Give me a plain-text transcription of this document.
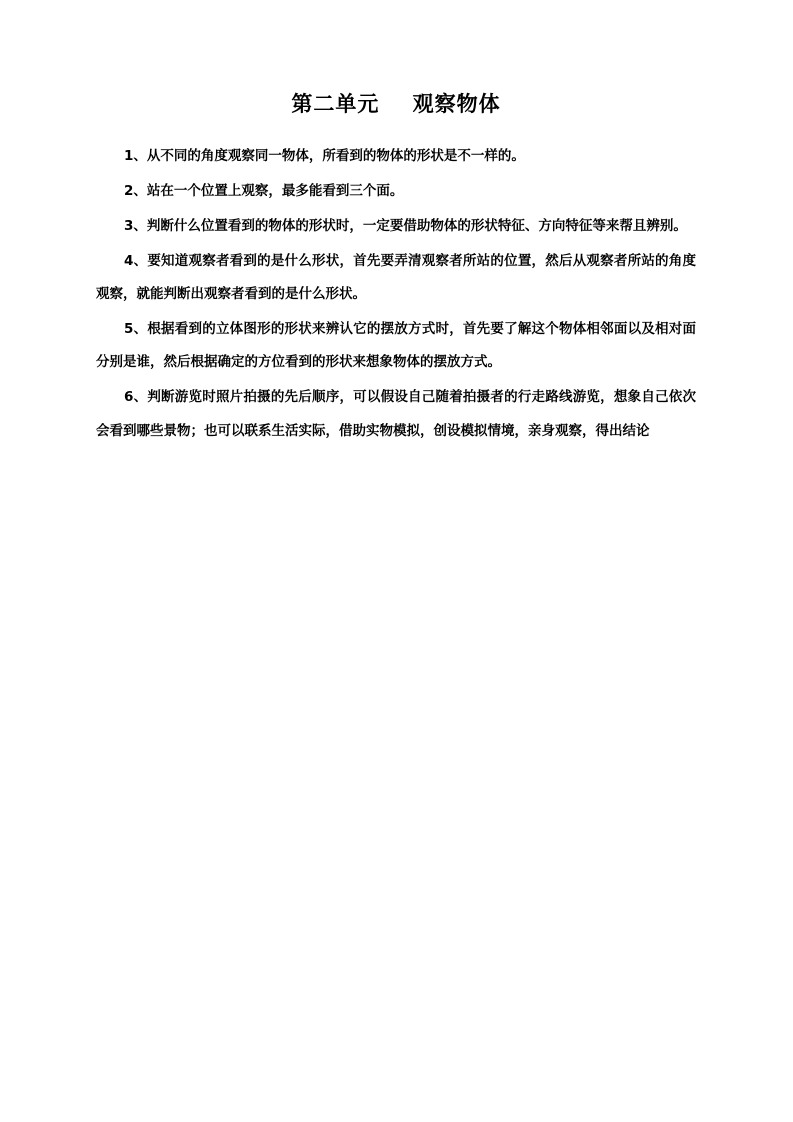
第二单元    观察物体

1、从不同的角度观察同一物体，所看到的物体的形状是不一样的。

2、站在一个位置上观察，最多能看到三个面。

3、判断什么位置看到的物体的形状时，一定要借助物体的形状特征、方向特征等来帮且辨别。

4、要知道观察者看到的是什么形状，首先要弄清观察者所站的位置，然后从观察者所站的角度观察，就能判断出观察者看到的是什么形状。

5、根据看到的立体图形的形状来辨认它的摆放方式时，首先要了解这个物体相邻面以及相对面分别是谁，然后根据确定的方位看到的形状来想象物体的摆放方式。

6、判断游览时照片拍摄的先后顺序，可以假设自己随着拍摄者的行走路线游览，想象自己依次会看到哪些景物；也可以联系生活实际，借助实物模拟，创设模拟情境，亲身观察，得出结论
